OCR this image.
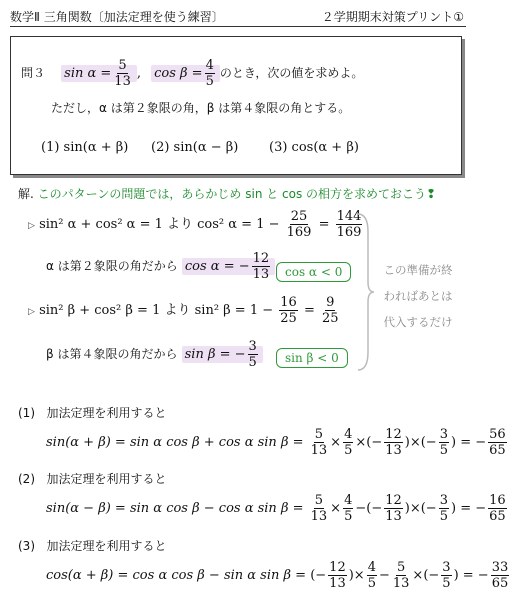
数学Ⅱ 三角関数〔加法定理を使う練習〕	２学期期末対策プリント①
問３ $\sin \alpha = \frac{5}{13}$ , $\cos \beta = \frac{4}{5}$ のとき，次の値を求めよ。
ただし，α は第２象限の角，β は第４象限の角とする。
(1) sin(α + β) (2) sin(α − β) (3) cos(α + β)
解. このパターンの問題では，あらかじめ sin と cos の相方を求めておこう❢
▷ sin² α + cos² α = 1 より cos² $\alpha = 1 - \frac{25}{169} = \frac{144}{169}$
α は第２象限の角だから cos α = − $\frac{12}{13}$	cos α < 0
▷ sin² β + cos² β = 1 より sin² $\beta = 1 - \frac{16}{25} = \frac{9}{25}$
β は第４象限の角だから sin β = − $\frac{3}{5}$	sin β < 0
この準備が終
わればあとは
代入するだけ
(1) 加法定理を利用すると
sin(α + β) = sin α cos β + cos α $\sin \beta = \frac{5}{13} \times \frac{4}{5}$ ×(− $\frac{12}{13}$ )×(− $\frac{3}{5}$ ) = − $\frac{56}{65}$
(2) 加法定理を利用すると
sin(α − β) = sin α cos β − cos α $\sin \beta = \frac{5}{13} \times \frac{4}{5}$ −(− $\frac{12}{13}$ )×(− $\frac{3}{5}$ ) = − $\frac{16}{65}$
(3) 加法定理を利用すると
cos(α + β) = cos α cos β − sin α sin β = (− $\frac{12}{13}$ )× $\frac{4}{5} - \frac{5}{13}$ ×(− $\frac{3}{5}$ ) = − $\frac{33}{65}$
